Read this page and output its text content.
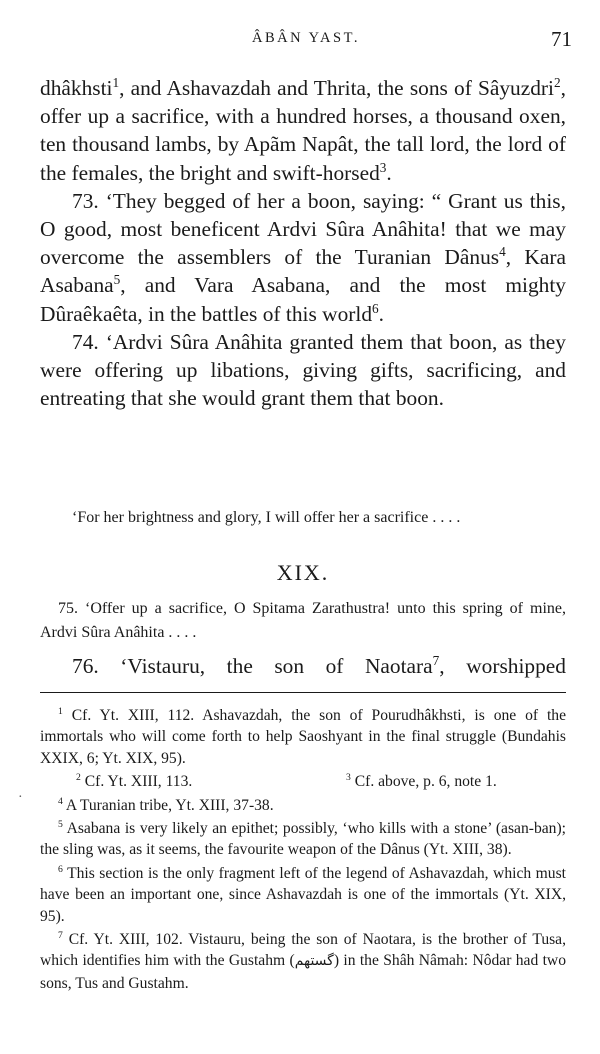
ÂBÂN YAST.	71

dhâkhsti$^1$, and Ashavazdah and Thrita, the sons of Sâyuzdri$^2$, offer up a sacrifice, with a hundred horses, a thousand oxen, ten thousand lambs, by Apãm Napât, the tall lord, the lord of the females, the bright and swift-horsed$^3$.

73. ‘They begged of her a boon, saying: “ Grant us this, O good, most beneficent Ardvi Sûra Anâhita! that we may overcome the assemblers of the Turanian Dânus$^4$, Kara Asabana$^5$, and Vara Asabana, and the most mighty Dûraêkaêta, in the battles of this world$^6$.

74. ‘Ardvi Sûra Anâhita granted them that boon, as they were offering up libations, giving gifts, sacrificing, and entreating that she would grant them that boon.

‘For her brightness and glory, I will offer her a sacrifice . . . .
XIX.
75. ‘Offer up a sacrifice, O Spitama Zarathustra! unto this spring of mine, Ardvi Sûra Anâhita . . . .
76. ‘Vistauru, the son of Naotara$^7$, worshipped

$^1$ Cf. Yt. XIII, 112. Ashavazdah, the son of Pourudhâkhsti, is one of the immortals who will come forth to help Saoshyant in the final struggle (Bundahis XXIX, 6; Yt. XIX, 95).

$^2$ Cf. Yt. XIII, 113.	$^3$ Cf. above, p. 6, note 1.

$^4$ A Turanian tribe, Yt. XIII, 37-38.

$^5$ Asabana is very likely an epithet; possibly, ‘who kills with a stone’ (asan-ban); the sling was, as it seems, the favourite weapon of the Dânus (Yt. XIII, 38).

$^6$ This section is the only fragment left of the legend of Ashavazdah, which must have been an important one, since Ashavazdah is one of the immortals (Yt. XIX, 95).

$^7$ Cf. Yt. XIII, 102. Vistauru, being the son of Naotara, is the brother of Tusa, which identifies him with the Gustahm (گستهم) in the Shâh Nâmah: Nôdar had two sons, Tus and Gustahm.

·
